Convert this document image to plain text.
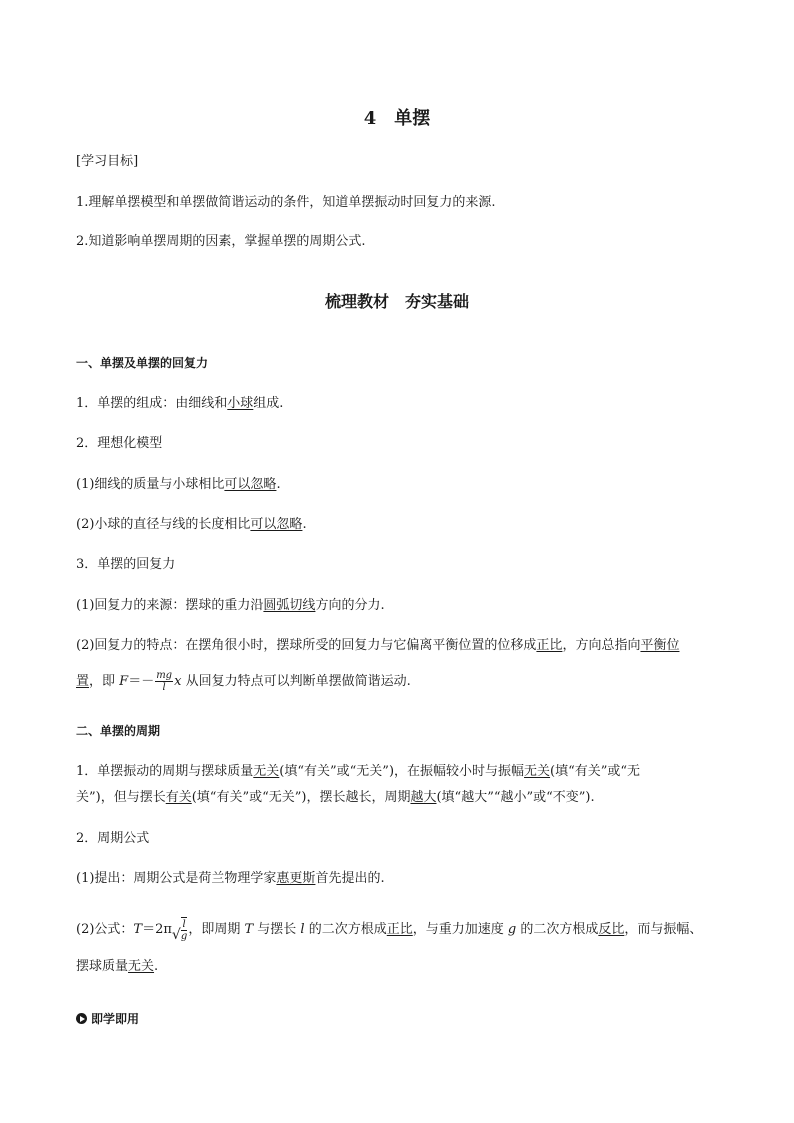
4 单摆
[学习目标]
1.理解单摆模型和单摆做简谐运动的条件，知道单摆振动时回复力的来源.
2.知道影响单摆周期的因素，掌握单摆的周期公式.
梳理教材 夯实基础
一、单摆及单摆的回复力
1．单摆的组成：由细线和小球组成.
2．理想化模型
(1)细线的质量与小球相比可以忽略.
(2)小球的直径与线的长度相比可以忽略.
3．单摆的回复力
(1)回复力的来源：摆球的重力沿圆弧切线方向的分力.
(2)回复力的特点：在摆角很小时，摆球所受的回复力与它偏离平衡位置的位移成正比，方向总指向平衡位
置，即 $F=- \frac{mg}{l}$ x 从回复力特点可以判断单摆做简谐运动.
二、单摆的周期
1．单摆振动的周期与摆球质量无关(填“有关”或“无关”)，在振幅较小时与振幅无关(填“有关”或“无
关”)，但与摆长有关(填“有关”或“无关”)，摆长越长，周期越大(填“越大”“越小”或“不变”).
2．周期公式
(1)提出：周期公式是荷兰物理学家惠更斯首先提出的.
(2)公式：T＝2π √ $\frac{l}{g}$ ，即周期 T 与摆长 l 的二次方根成正比，与重力加速度 g 的二次方根成反比，而与振幅、
摆球质量无关.
即学即用
